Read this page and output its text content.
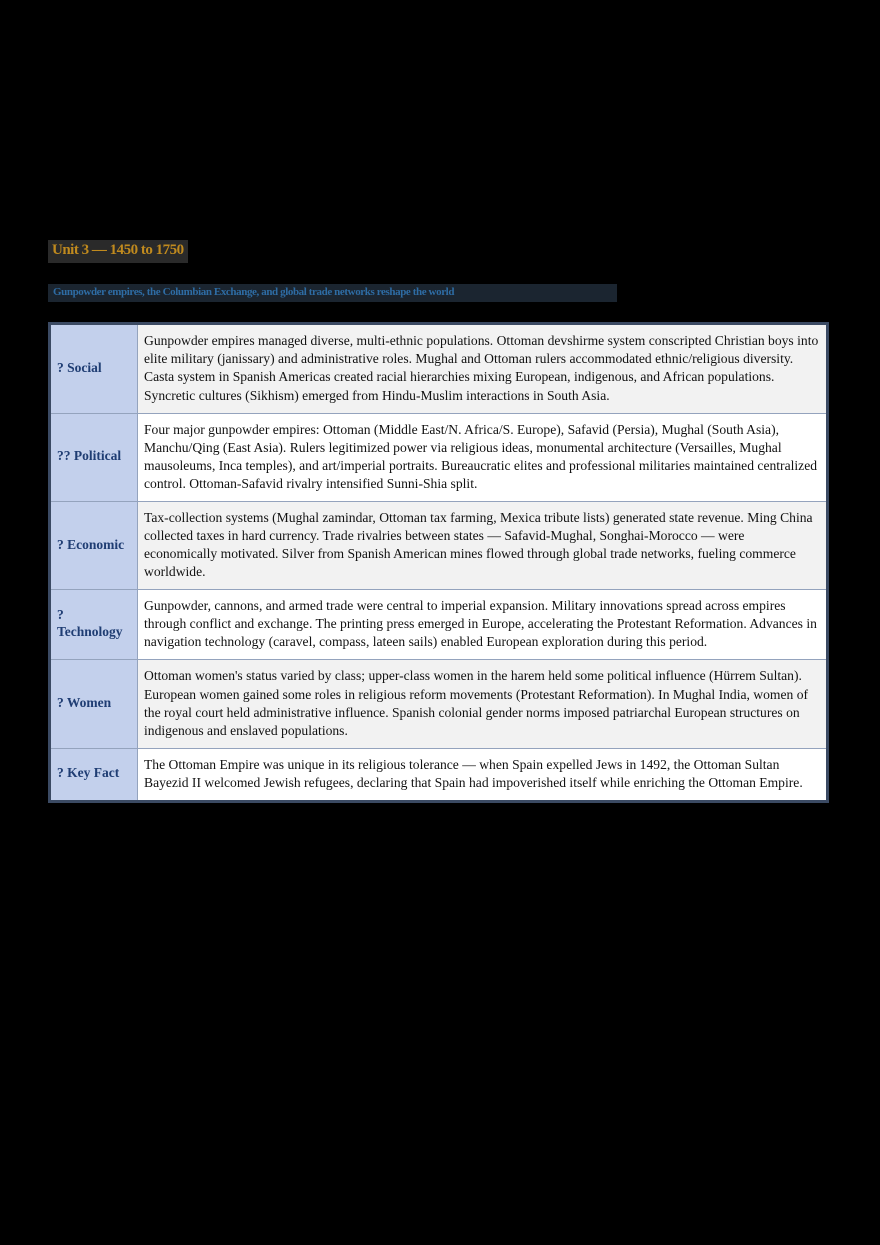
Unit 3 — 1450 to 1750
Gunpowder empires, the Columbian Exchange, and global trade networks reshape the world
? Social	Gunpowder empires managed diverse, multi-ethnic populations. Ottoman devshirme system conscripted Christian boys into elite military (janissary) and administrative roles. Mughal and Ottoman rulers accommodated ethnic/religious diversity. Casta system in Spanish Americas created racial hierarchies mixing European, indigenous, and African populations. Syncretic cultures (Sikhism) emerged from Hindu-Muslim interactions in South Asia.
?? Political	Four major gunpowder empires: Ottoman (Middle East/N. Africa/S. Europe), Safavid (Persia), Mughal (South Asia), Manchu/Qing (East Asia). Rulers legitimized power via religious ideas, monumental architecture (Versailles, Mughal mausoleums, Inca temples), and art/imperial portraits. Bureaucratic elites and professional militaries maintained centralized control. Ottoman-Safavid rivalry intensified Sunni-Shia split.
? Economic	Tax-collection systems (Mughal zamindar, Ottoman tax farming, Mexica tribute lists) generated state revenue. Ming China collected taxes in hard currency. Trade rivalries between states — Safavid-Mughal, Songhai-Morocco — were economically motivated. Silver from Spanish American mines flowed through global trade networks, fueling commerce worldwide.
? Technology	Gunpowder, cannons, and armed trade were central to imperial expansion. Military innovations spread across empires through conflict and exchange. The printing press emerged in Europe, accelerating the Protestant Reformation. Advances in navigation technology (caravel, compass, lateen sails) enabled European exploration during this period.
? Women	Ottoman women's status varied by class; upper-class women in the harem held some political influence (Hürrem Sultan). European women gained some roles in religious reform movements (Protestant Reformation). In Mughal India, women of the royal court held administrative influence. Spanish colonial gender norms imposed patriarchal European structures on indigenous and enslaved populations.
? Key Fact	The Ottoman Empire was unique in its religious tolerance — when Spain expelled Jews in 1492, the Ottoman Sultan Bayezid II welcomed Jewish refugees, declaring that Spain had impoverished itself while enriching the Ottoman Empire.
